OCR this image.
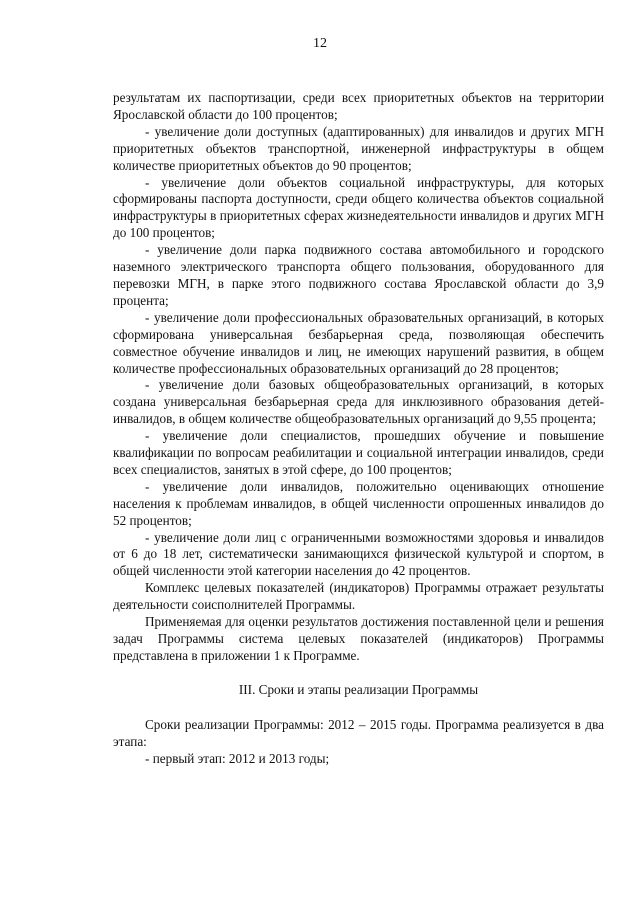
12

результатам их паспортизации, среди всех приоритетных объектов на территории Ярославской области до 100 процентов;

- увеличение доли доступных (адаптированных) для инвалидов и других МГН приоритетных объектов транспортной, инженерной инфраструктуры в общем количестве приоритетных объектов до 90 процентов;

- увеличение доли объектов социальной инфраструктуры, для которых сформированы паспорта доступности, среди общего количества объектов социальной инфраструктуры в приоритетных сферах жизнедеятельности инвалидов и других МГН до 100 процентов;

- увеличение доли парка подвижного состава автомобильного и городского наземного электрического транспорта общего пользования, оборудованного для перевозки МГН, в парке этого подвижного состава Ярославской области до 3,9 процента;

- увеличение доли профессиональных образовательных организаций, в которых сформирована универсальная безбарьерная среда, позволяющая обеспечить совместное обучение инвалидов и лиц, не имеющих нарушений развития, в общем количестве профессиональных образовательных организаций до 28 процентов;

- увеличение доли базовых общеобразовательных организаций, в которых создана универсальная безбарьерная среда для инклюзивного образования детей-инвалидов, в общем количестве общеобразовательных организаций до 9,55 процента;

- увеличение доли специалистов, прошедших обучение и повышение квалификации по вопросам реабилитации и социальной интеграции инвалидов, среди всех специалистов, занятых в этой сфере, до 100 процентов;

- увеличение доли инвалидов, положительно оценивающих отношение населения к проблемам инвалидов, в общей численности опрошенных инвалидов до 52 процентов;

- увеличение доли лиц с ограниченными возможностями здоровья и инвалидов от 6 до 18 лет, систематически занимающихся физической культурой и спортом, в общей численности этой категории населения до 42 процентов.

Комплекс целевых показателей (индикаторов) Программы отражает результаты деятельности соисполнителей Программы.

Применяемая для оценки результатов достижения поставленной цели и решения задач Программы система целевых показателей (индикаторов) Программы представлена в приложении 1 к Программе.

III. Сроки и этапы реализации Программы

Сроки реализации Программы: 2012 – 2015 годы. Программа реализуется в два этапа:

- первый этап: 2012 и 2013 годы;
